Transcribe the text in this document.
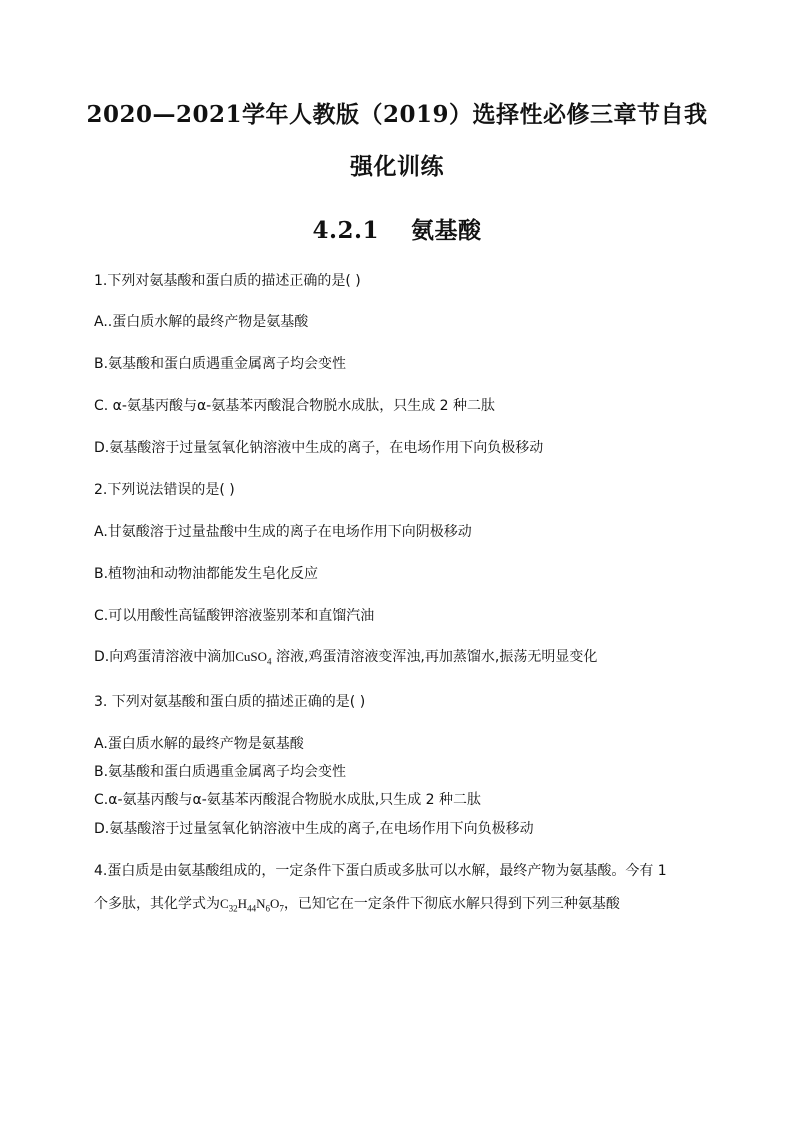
2020—2021学年人教版（2019）选择性必修三章节自我
强化训练
4.2.1　 氨基酸
1.下列对氨基酸和蛋白质的描述正确的是( )
A..蛋白质水解的最终产物是氨基酸
B.氨基酸和蛋白质遇重金属离子均会变性
C. α-氨基丙酸与α-氨基苯丙酸混合物脱水成肽，只生成 2 种二肽
D.氨基酸溶于过量氢氧化钠溶液中生成的离子，在电场作用下向负极移动
2.下列说法错误的是( )
A.甘氨酸溶于过量盐酸中生成的离子在电场作用下向阴极移动
B.植物油和动物油都能发生皂化反应
C.可以用酸性高锰酸钾溶液鉴别苯和直馏汽油
D.向鸡蛋清溶液中滴加CuSO$_4$ 溶液,鸡蛋清溶液变浑浊,再加蒸馏水,振荡无明显变化
3. 下列对氨基酸和蛋白质的描述正确的是( )
A.蛋白质水解的最终产物是氨基酸
B.氨基酸和蛋白质遇重金属离子均会变性
C.α-氨基丙酸与α-氨基苯丙酸混合物脱水成肽,只生成 2 种二肽
D.氨基酸溶于过量氢氧化钠溶液中生成的离子,在电场作用下向负极移动
4.蛋白质是由氨基酸组成的，一定条件下蛋白质或多肽可以水解，最终产物为氨基酸。今有 1
个多肽，其化学式为$C_{32}H_{44}N_6O_7$，已知它在一定条件下彻底水解只得到下列三种氨基酸
